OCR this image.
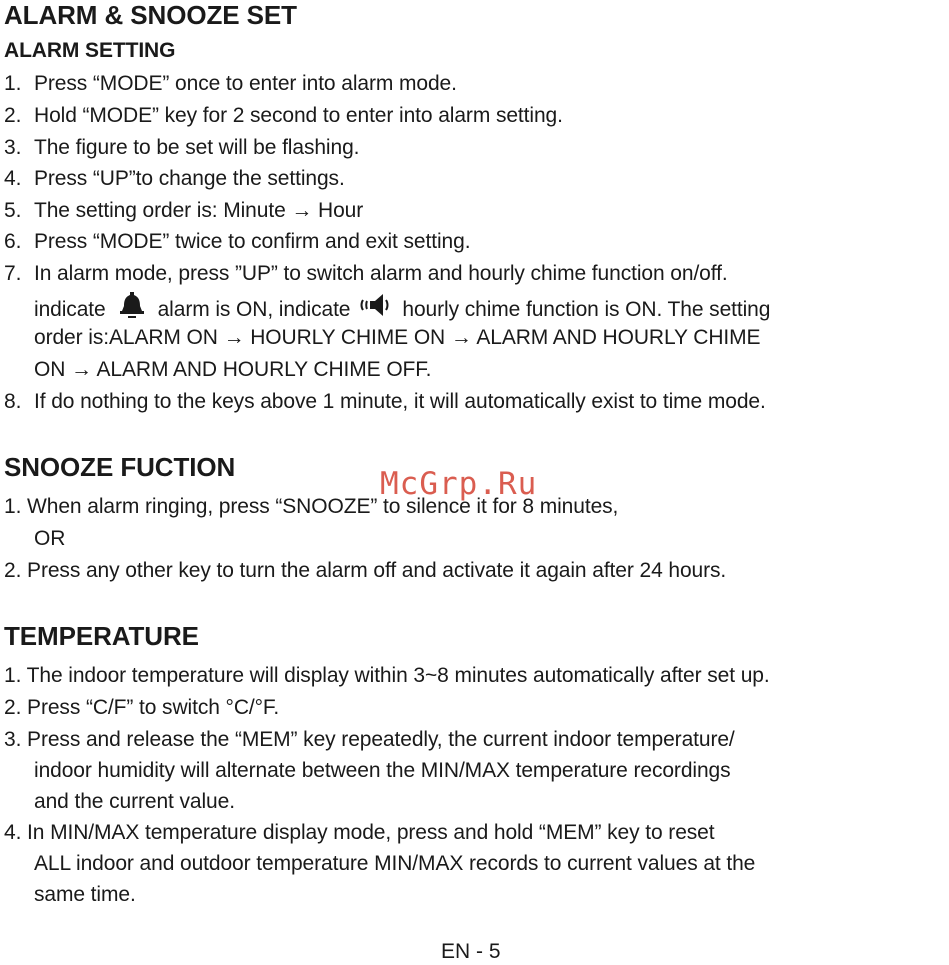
ALARM & SNOOZE SET
ALARM SETTING
1. Press “MODE” once to enter into alarm mode.
2. Hold “MODE” key for 2 second to enter into alarm setting.
3. The figure to be set will be flashing.
4. Press “UP”to change the settings.
5. The setting order is: Minute → Hour
6. Press “MODE” twice to confirm and exit setting.
7. In alarm mode, press ”UP” to switch alarm and hourly chime function on/off.
indicate alarm is ON, indicate hourly chime function is ON. The setting
order is:ALARM ON → HOURLY CHIME ON → ALARM AND HOURLY CHIME
ON → ALARM AND HOURLY CHIME OFF.
8. If do nothing to the keys above 1 minute, it will automatically exist to time mode.
SNOOZE FUCTION
1. When alarm ringing, press “SNOOZE” to silence it for 8 minutes,
OR
2. Press any other key to turn the alarm off and activate it again after 24 hours.
TEMPERATURE
1. The indoor temperature will display within 3~8 minutes automatically after set up.
2. Press “C/F” to switch °C/°F.
3. Press and release the “MEM” key repeatedly, the current indoor temperature/
indoor humidity will alternate between the MIN/MAX temperature recordings
and the current value.
4. In MIN/MAX temperature display mode, press and hold “MEM” key to reset
ALL indoor and outdoor temperature MIN/MAX records to current values at the
same time.
McGrp.Ru
EN - 5
